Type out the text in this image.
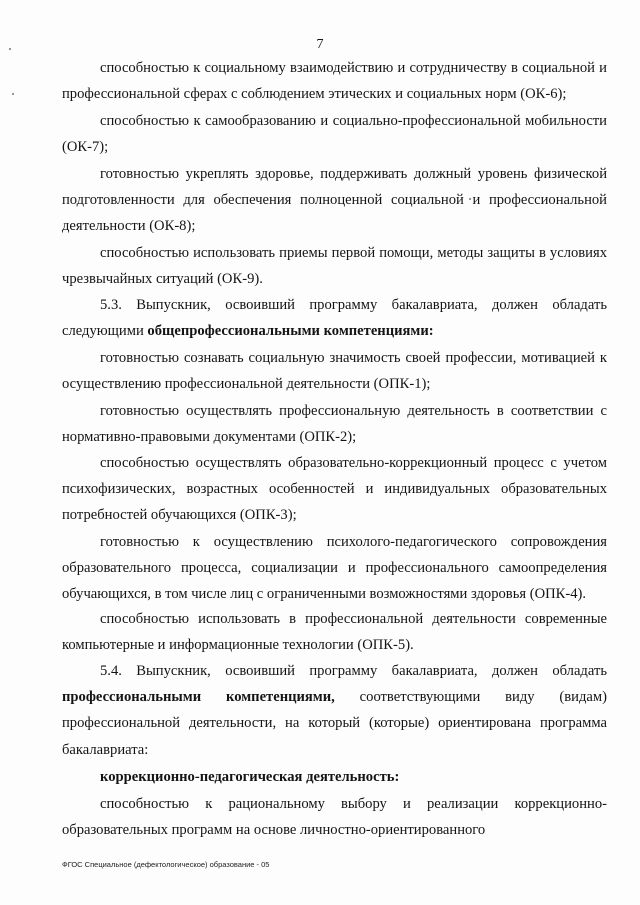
7

способностью к социальному взаимодействию и сотрудничеству в социальной и профессиональной сферах с соблюдением этических и социальных норм (ОК-6);

способностью к самообразованию и социально-профессиональной мобильности (ОК-7);

готовностью укреплять здоровье, поддерживать должный уровень физической подготовленности для обеспечения полноценной социальной и профессиональной деятельности (ОК-8);

способностью использовать приемы первой помощи, методы защиты в условиях чрезвычайных ситуаций (ОК-9).

5.3. Выпускник, освоивший программу бакалавриата, должен обладать следующими общепрофессиональными компетенциями:

готовностью сознавать социальную значимость своей профессии, мотивацией к осуществлению профессиональной деятельности (ОПК-1);

готовностью осуществлять профессиональную деятельность в соответствии с нормативно-правовыми документами (ОПК-2);

способностью осуществлять образовательно-коррекционный процесс с учетом психофизических, возрастных особенностей и индивидуальных образовательных потребностей обучающихся (ОПК-3);

готовностью к осуществлению психолого-педагогического сопровождения образовательного процесса, социализации и профессионального самоопределения обучающихся, в том числе лиц с ограниченными возможностями здоровья (ОПК-4).

способностью использовать в профессиональной деятельности современные компьютерные и информационные технологии (ОПК-5).

5.4. Выпускник, освоивший программу бакалавриата, должен обладать профессиональными компетенциями, соответствующими виду (видам) профессиональной деятельности, на который (которые) ориентирована программа бакалавриата:

коррекционно-педагогическая деятельность:

способностью к рациональному выбору и реализации коррекционно-образовательных программ на основе личностно-ориентированного

ФГОС Специальное (дефектологическое) образование - 05
